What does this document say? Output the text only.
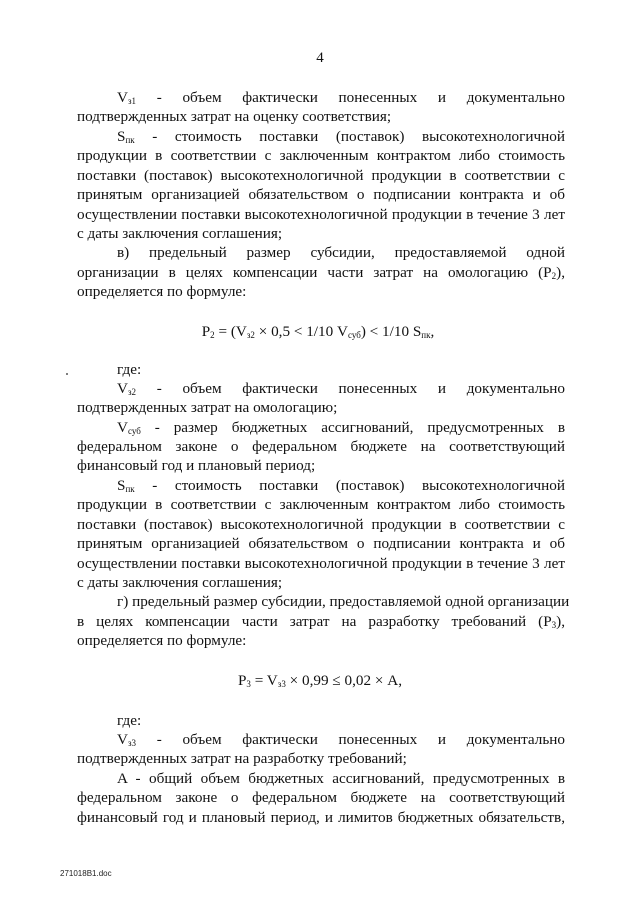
4
$V_{з1}$ - объем фактически понесенных и документально
подтвержденных затрат на оценку соответствия;
$S_{пк}$ - стоимость поставки (поставок) высокотехнологичной
продукции в соответствии с заключенным контрактом либо стоимость
поставки (поставок) высокотехнологичной продукции в соответствии с
принятым организацией обязательством о подписании контракта и об
осуществлении поставки высокотехнологичной продукции в течение 3 лет
с даты заключения соглашения;
в) предельный размер субсидии, предоставляемой одной
организации в целях компенсации части затрат на омологацию $(P_2)$,
определяется по формуле:
$P_2 = (V_{з2} \times 0,5 < 1/10$ $V_{суб}) < 1/10$ $S_{пк}$,
где:
$V_{з2}$ - объем фактически понесенных и документально
подтвержденных затрат на омологацию;
$V_{суб}$ - размер бюджетных ассигнований, предусмотренных в
федеральном законе о федеральном бюджете на соответствующий
финансовый год и плановый период;
$S_{пк}$ - стоимость поставки (поставок) высокотехнологичной
продукции в соответствии с заключенным контрактом либо стоимость
поставки (поставок) высокотехнологичной продукции в соответствии с
принятым организацией обязательством о подписании контракта и об
осуществлении поставки высокотехнологичной продукции в течение 3 лет
с даты заключения соглашения;
г) предельный размер субсидии, предоставляемой одной организации
в целях компенсации части затрат на разработку требований $(P_3)$,
определяется по формуле:
$P_3 = V_{з3} \times 0,99 \le 0,02 \times A$,
где:
$V_{з3}$ - объем фактически понесенных и документально
подтвержденных затрат на разработку требований;
A - общий объем бюджетных ассигнований, предусмотренных в
федеральном законе о федеральном бюджете на соответствующий
финансовый год и плановый период, и лимитов бюджетных обязательств,
271018B1.doc
